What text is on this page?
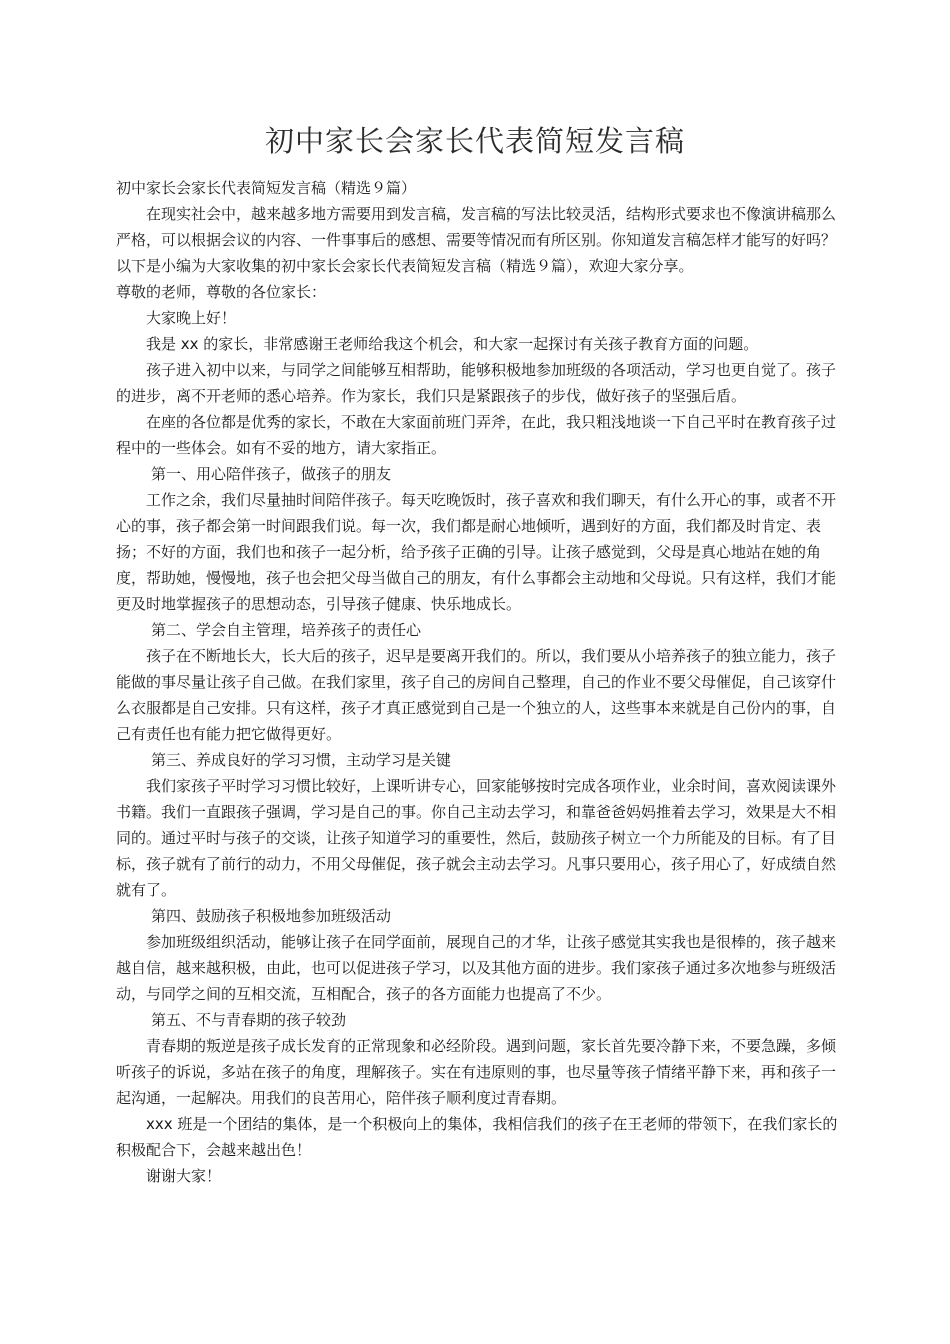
初中家长会家长代表简短发言稿

初中家长会家长代表简短发言稿（精选９篇）

在现实社会中，越来越多地方需要用到发言稿，发言稿的写法比较灵活，结构形式要求也不像演讲稿那么严格，可以根据会议的内容、一件事事后的感想、需要等情况而有所区别。你知道发言稿怎样才能写的好吗？以下是小编为大家收集的初中家长会家长代表简短发言稿（精选９篇），欢迎大家分享。

尊敬的老师，尊敬的各位家长：

大家晚上好！

我是 xx 的家长，非常感谢王老师给我这个机会，和大家一起探讨有关孩子教育方面的问题。

孩子进入初中以来，与同学之间能够互相帮助，能够积极地参加班级的各项活动，学习也更自觉了。孩子的进步，离不开老师的悉心培养。作为家长，我们只是紧跟孩子的步伐，做好孩子的坚强后盾。

在座的各位都是优秀的家长，不敢在大家面前班门弄斧，在此，我只粗浅地谈一下自己平时在教育孩子过程中的一些体会。如有不妥的地方，请大家指正。

第一、用心陪伴孩子，做孩子的朋友

工作之余，我们尽量抽时间陪伴孩子。每天吃晚饭时，孩子喜欢和我们聊天，有什么开心的事，或者不开心的事，孩子都会第一时间跟我们说。每一次，我们都是耐心地倾听，遇到好的方面，我们都及时肯定、表扬；不好的方面，我们也和孩子一起分析，给予孩子正确的引导。让孩子感觉到，父母是真心地站在她的角度，帮助她，慢慢地，孩子也会把父母当做自己的朋友，有什么事都会主动地和父母说。只有这样，我们才能更及时地掌握孩子的思想动态，引导孩子健康、快乐地成长。

第二、学会自主管理，培养孩子的责任心

孩子在不断地长大，长大后的孩子，迟早是要离开我们的。所以，我们要从小培养孩子的独立能力，孩子能做的事尽量让孩子自己做。在我们家里，孩子自己的房间自己整理，自己的作业不要父母催促，自己该穿什么衣服都是自己安排。只有这样，孩子才真正感觉到自己是一个独立的人，这些事本来就是自己份内的事，自己有责任也有能力把它做得更好。

第三、养成良好的学习习惯，主动学习是关键

我们家孩子平时学习习惯比较好，上课听讲专心，回家能够按时完成各项作业，业余时间，喜欢阅读课外书籍。我们一直跟孩子强调，学习是自己的事。你自己主动去学习，和靠爸爸妈妈推着去学习，效果是大不相同的。通过平时与孩子的交谈，让孩子知道学习的重要性，然后，鼓励孩子树立一个力所能及的目标。有了目标，孩子就有了前行的动力，不用父母催促，孩子就会主动去学习。凡事只要用心，孩子用心了，好成绩自然就有了。

第四、鼓励孩子积极地参加班级活动

参加班级组织活动，能够让孩子在同学面前，展现自己的才华，让孩子感觉其实我也是很棒的，孩子越来越自信，越来越积极，由此，也可以促进孩子学习，以及其他方面的进步。我们家孩子通过多次地参与班级活动，与同学之间的互相交流，互相配合，孩子的各方面能力也提高了不少。

第五、不与青春期的孩子较劲

青春期的叛逆是孩子成长发育的正常现象和必经阶段。遇到问题，家长首先要冷静下来，不要急躁，多倾听孩子的诉说，多站在孩子的角度，理解孩子。实在有违原则的事，也尽量等孩子情绪平静下来，再和孩子一起沟通，一起解决。用我们的良苦用心，陪伴孩子顺利度过青春期。

xxx 班是一个团结的集体，是一个积极向上的集体，我相信我们的孩子在王老师的带领下，在我们家长的积极配合下，会越来越出色！

谢谢大家！
